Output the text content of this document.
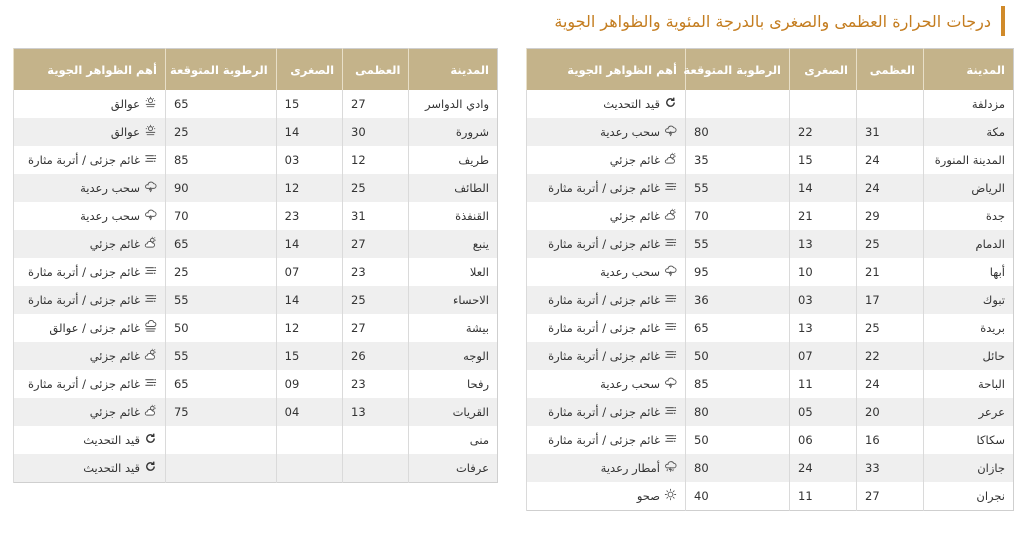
درجات الحرارة العظمى والصغرى بالدرجة المئوية والظواهر الجوية
المدينة	العظمى	الصغرى	الرطوبة المتوقعة	أهم الظواهر الجوية
مزدلفة				قيد التحديث

مكة	31	22	80	سحب رعدية

المدينة المنورة	24	15	35	غائم جزئي

الرياض	24	14	55	غائم جزئى / أتربة مثارة

جدة	29	21	70	غائم جزئي

الدمام	25	13	55	غائم جزئى / أتربة مثارة

أبها	21	10	95	سحب رعدية

تبوك	17	03	36	غائم جزئى / أتربة مثارة

بريدة	25	13	65	غائم جزئى / أتربة مثارة

حائل	22	07	50	غائم جزئى / أتربة مثارة

الباحة	24	11	85	سحب رعدية

عرعر	20	05	80	غائم جزئى / أتربة مثارة

سكاكا	16	06	50	غائم جزئى / أتربة مثارة

جازان	33	24	80	أمطار رعدية

نجران	27	11	40	صحو
المدينة	العظمى	الصغرى	الرطوبة المتوقعة	أهم الظواهر الجوية
وادي الدواسر	27	15	65	عوالق

شرورة	30	14	25	عوالق

طريف	12	03	85	غائم جزئى / أتربة مثارة

الطائف	25	12	90	سحب رعدية

القنفذة	31	23	70	سحب رعدية

ينبع	27	14	65	غائم جزئي

العلا	23	07	25	غائم جزئى / أتربة مثارة

الاحساء	25	14	55	غائم جزئى / أتربة مثارة

بيشة	27	12	50	غائم جزئى / عوالق

الوجه	26	15	55	غائم جزئي

رفحا	23	09	65	غائم جزئى / أتربة مثارة

القريات	13	04	75	غائم جزئي

منى				قيد التحديث

عرفات				قيد التحديث
